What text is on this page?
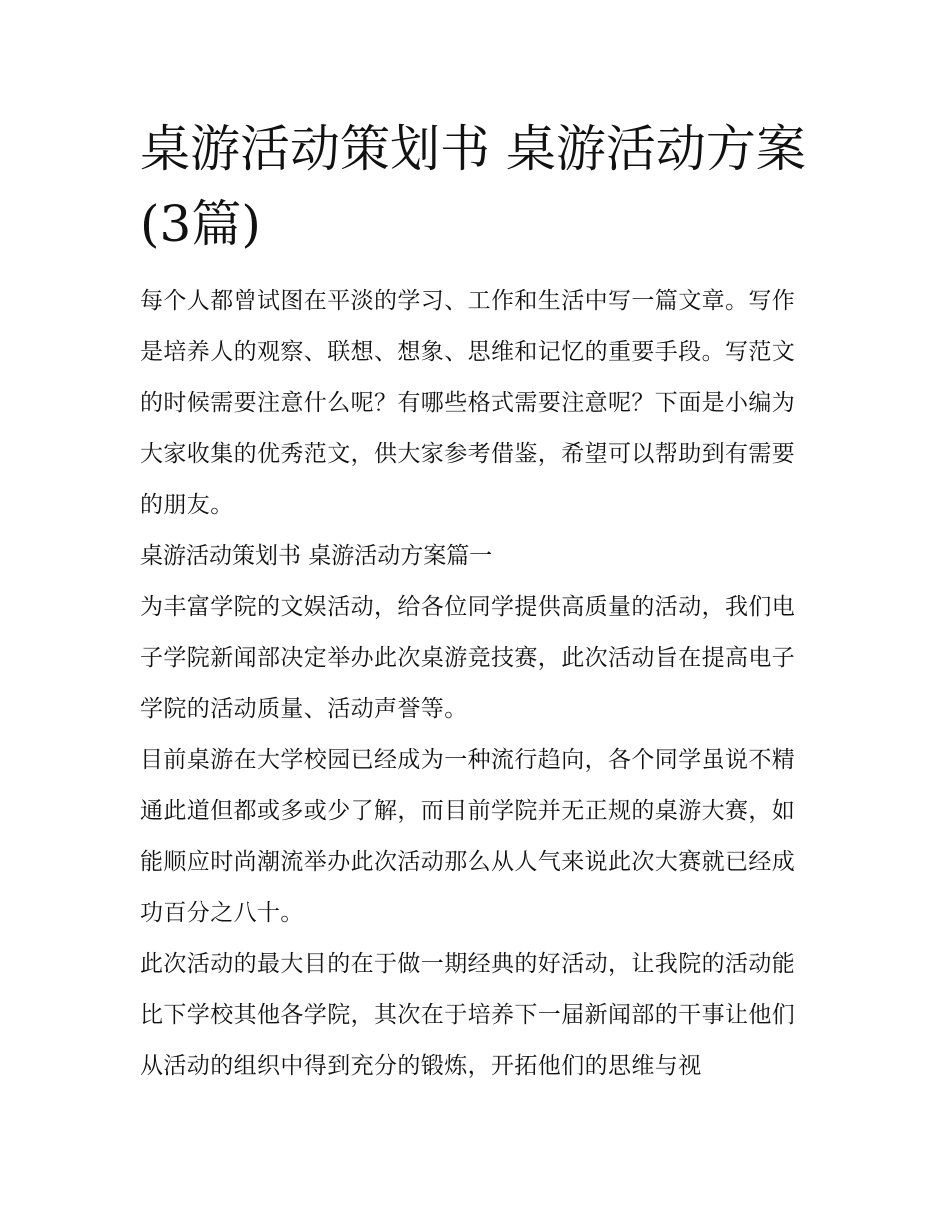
桌游活动策划书 桌游活动方案(3篇)

每个人都曾试图在平淡的学习、工作和生活中写一篇文章。写作是培养人的观察、联想、想象、思维和记忆的重要手段。写范文的时候需要注意什么呢？有哪些格式需要注意呢？下面是小编为大家收集的优秀范文，供大家参考借鉴，希望可以帮助到有需要的朋友。

桌游活动策划书 桌游活动方案篇一

为丰富学院的文娱活动，给各位同学提供高质量的活动，我们电子学院新闻部决定举办此次桌游竞技赛，此次活动旨在提高电子学院的活动质量、活动声誉等。

目前桌游在大学校园已经成为一种流行趋向，各个同学虽说不精通此道但都或多或少了解，而目前学院并无正规的桌游大赛，如能顺应时尚潮流举办此次活动那么从人气来说此次大赛就已经成功百分之八十。

此次活动的最大目的在于做一期经典的好活动，让我院的活动能比下学校其他各学院，其次在于培养下一届新闻部的干事让他们从活动的组织中得到充分的锻炼，开拓他们的思维与视
